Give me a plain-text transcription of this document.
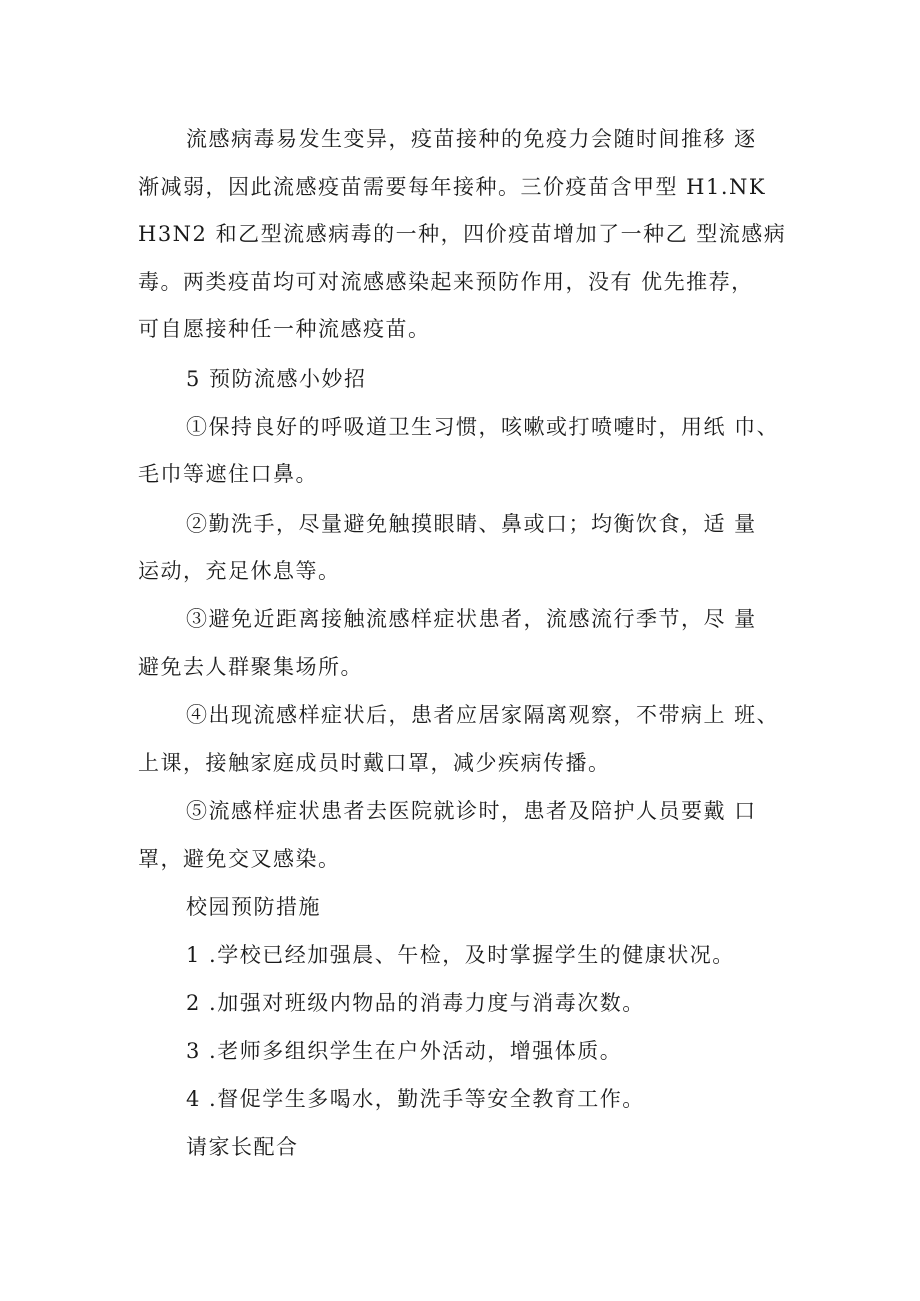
流感病毒易发生变异，疫苗接种的免疫力会随时间推移 逐
渐减弱，因此流感疫苗需要每年接种。三价疫苗含甲型 H1.NK
H3N2 和乙型流感病毒的一种，四价疫苗增加了一种乙 型流感病
毒。两类疫苗均可对流感感染起来预防作用，没有 优先推荐，
可自愿接种任一种流感疫苗。
5 预防流感小妙招
①保持良好的呼吸道卫生习惯，咳嗽或打喷嚏时，用纸 巾、
毛巾等遮住口鼻。
②勤洗手，尽量避免触摸眼睛、鼻或口；均衡饮食，适 量
运动，充足休息等。
③避免近距离接触流感样症状患者，流感流行季节，尽 量
避免去人群聚集场所。
④出现流感样症状后，患者应居家隔离观察，不带病上 班、
上课，接触家庭成员时戴口罩，减少疾病传播。
⑤流感样症状患者去医院就诊时，患者及陪护人员要戴 口
罩，避免交叉感染。
校园预防措施
1 .学校已经加强晨、午检，及时掌握学生的健康状况。
2 .加强对班级内物品的消毒力度与消毒次数。
3 .老师多组织学生在户外活动，增强体质。
4 .督促学生多喝水，勤洗手等安全教育工作。
请家长配合
